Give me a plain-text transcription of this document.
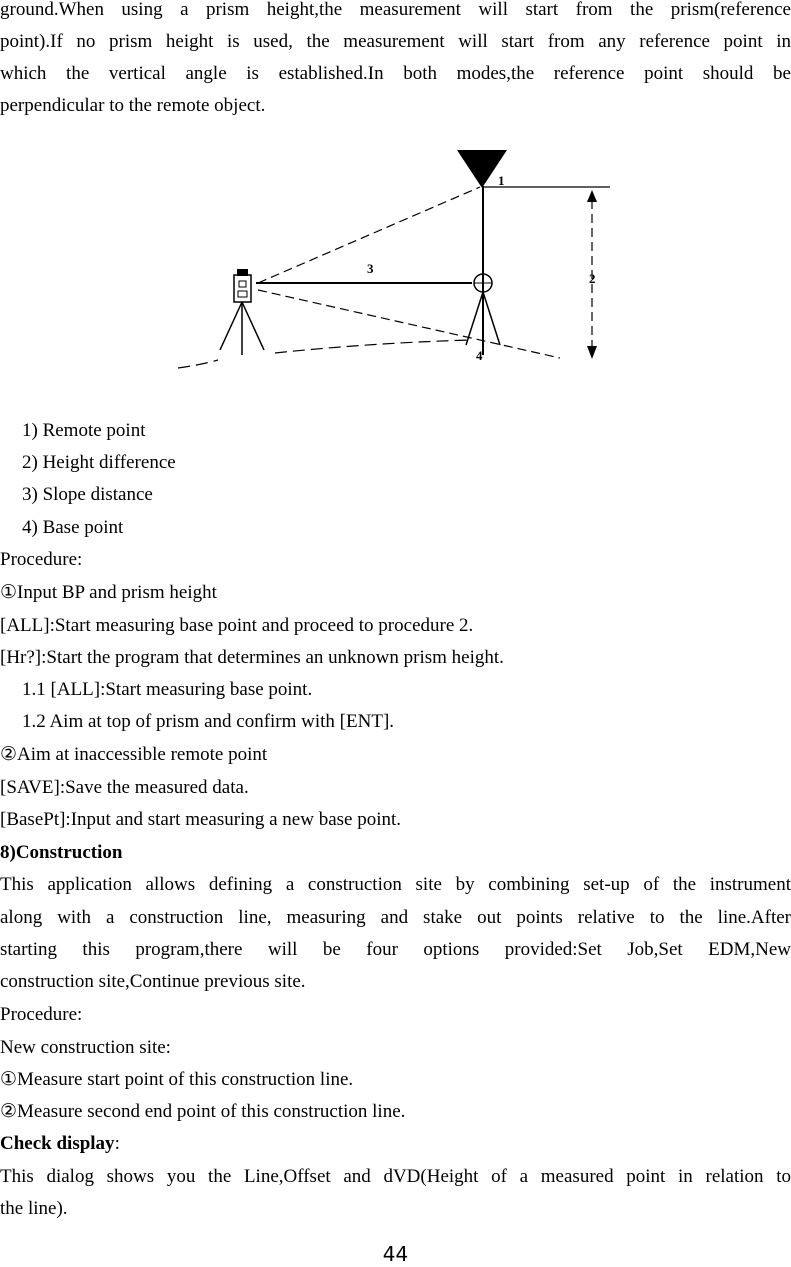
ground.When using a prism height,the measurement will start from the prism(reference

point).If no prism height is used, the measurement will start from any reference point in

which the vertical angle is established.In both modes,the reference point should be

perpendicular to the remote object.

1
2
3
4

1) Remote point

2) Height difference

3) Slope distance

4) Base point

Procedure:

①Input BP and prism height

[ALL]:Start measuring base point and proceed to procedure 2.

[Hr?]:Start the program that determines an unknown prism height.

1.1 [ALL]:Start measuring base point.

1.2 Aim at top of prism and confirm with [ENT].

②Aim at inaccessible remote point

[SAVE]:Save the measured data.

[BasePt]:Input and start measuring a new base point.

8)Construction

This application allows defining a construction site by combining set-up of the instrument

along with a construction line, measuring and stake out points relative to the line.After

starting this program,there will be four options provided:Set Job,Set EDM,New

construction site,Continue previous site.

Procedure:

New construction site:

①Measure start point of this construction line.

②Measure second end point of this construction line.

Check display:

This dialog shows you the Line,Offset and dVD(Height of a measured point in relation to

the line).

44
